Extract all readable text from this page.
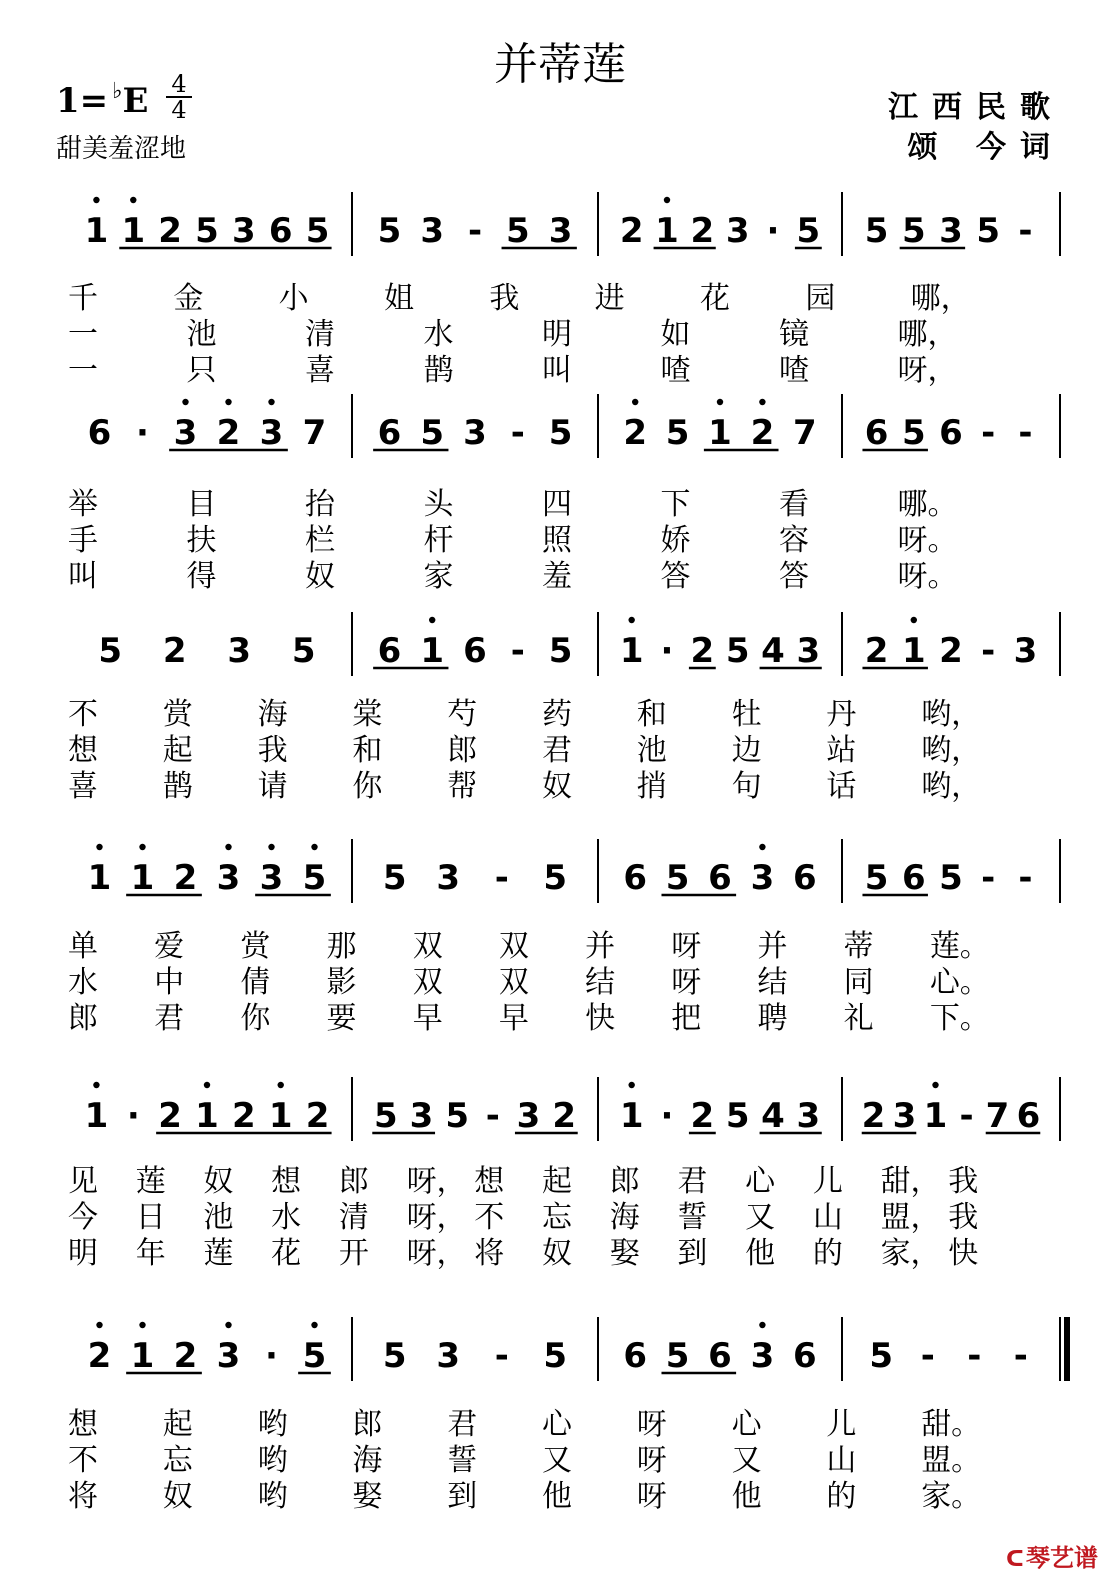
并蒂莲
1= ♭E 4
4
甜美羞涩地
江西民歌
颂 今词
1 1 2 5 3 6 5 5 3 - 5 3 2 1 2 3 · 5 5 5 3 5 -
千	金	小	姐	我	进	花	园	哪，
一	池	清	水	明	如	镜	哪，
一	只	喜	鹊	叫	喳	喳	呀，
6 · 3 2 3 7 6 5 3 - 5 2 5 1 2 7 6 5 6 - -
举	目	抬	头	四	下	看	哪。
手	扶	栏	杆	照	娇	容	呀。
叫	得	奴	家	羞	答	答	呀。
5 2 3 5 6 1 6 - 5 1 · 2 5 4 3 2 1 2 - 3
不 赏 海 棠 芍 药 和 牡 丹 哟，
想 起 我 和 郎 君 池 边 站 哟，
喜 鹊 请 你 帮 奴 捎 句 话 哟，
1 1 2 3 3 5 5 3 - 5 6 5 6 3 6 5 6 5 - -
单 爱 赏 那 双 双 并 呀 并 蒂 莲。
水 中 倩 影 双 双 结 呀 结 同 心。
郎 君 你 要 早 早 快 把 聘 礼 下。
1 · 2 1 2 1 2 5 3 5 - 3 2 1 · 2 5 4 3 2 3 1 - 7 6
见 莲 奴 想 郎 呀， 想 起 郎 君 心 儿 甜， 我
今 日 池 水 清 呀， 不 忘 海 誓 又 山 盟， 我
明 年 莲 花 开 呀， 将 奴 娶 到 他 的 家， 快
2 1 2 3 · 5 5 3 - 5 6 5 6 3 6 5 - - -
想 起 哟 郎 君 心 呀 心 儿 甜。
不 忘 哟 海 誓 又 呀 又 山 盟。
将 奴 哟 娶 到 他 呀 他 的 家。
ᑕ琴艺谱
